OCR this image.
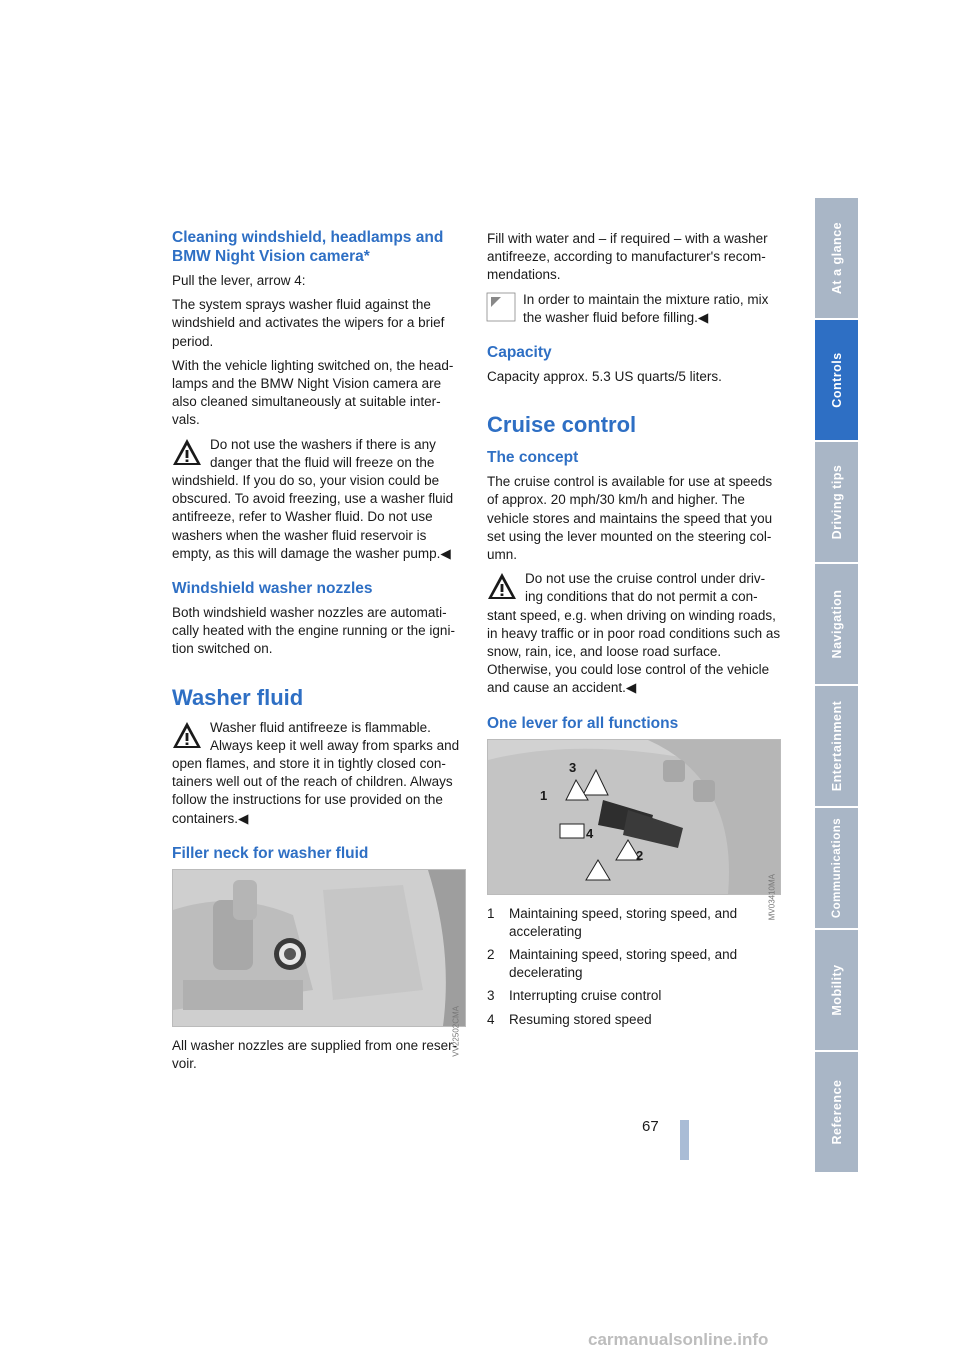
Cleaning windshield, headlamps and BMW Night Vision camera*

Pull the lever, arrow 4:

The system sprays washer fluid against the windshield and activates the wipers for a brief period.

With the vehicle lighting switched on, the head-lamps and the BMW Night Vision camera are also cleaned simultaneously at suitable inter-vals.

Do not use the washers if there is any danger that the fluid will freeze on the windshield. If you do so, your vision could be obscured. To avoid freezing, use a washer fluid antifreeze, refer to Washer fluid. Do not use washers when the washer fluid reservoir is empty, as this will damage the washer pump.◀
Windshield washer nozzles

Both windshield washer nozzles are automati-cally heated with the engine running or the igni-tion switched on.

Washer fluid
Washer fluid antifreeze is flammable. Always keep it well away from sparks and open flames, and store it in tightly closed con-tainers well out of the reach of children. Always follow the instructions for use provided on the containers.◀
Filler neck for washer fluid
VV22502CMA

All washer nozzles are supplied from one reser-voir.

Fill with water and – if required – with a washer antifreeze, according to manufacturer's recom-mendations.

In order to maintain the mixture ratio, mix the washer fluid before filling.◀
Capacity

Capacity approx. 5.3 US quarts/5 liters.

Cruise control
The concept

The cruise control is available for use at speeds of approx. 20 mph/30 km/h and higher. The vehicle stores and maintains the speed that you set using the lever mounted on the steering col-umn.

Do not use the cruise control under driv-ing conditions that do not permit a con-stant speed, e.g. when driving on winding roads, in heavy traffic or in poor road conditions such as snow, rain, ice, and loose road surface. Otherwise, you could lose control of the vehicle and cause an accident.◀
One lever for all functions
3
1
4
2
MV03410MA
1	Maintaining speed, storing speed, and accelerating
2	Maintaining speed, storing speed, and decelerating
3	Interrupting cruise control
4	Resuming stored speed
At a glance
Controls
Driving tips
Navigation
Entertainment
Communications
Mobility
Reference
67
carmanualsonline.info
